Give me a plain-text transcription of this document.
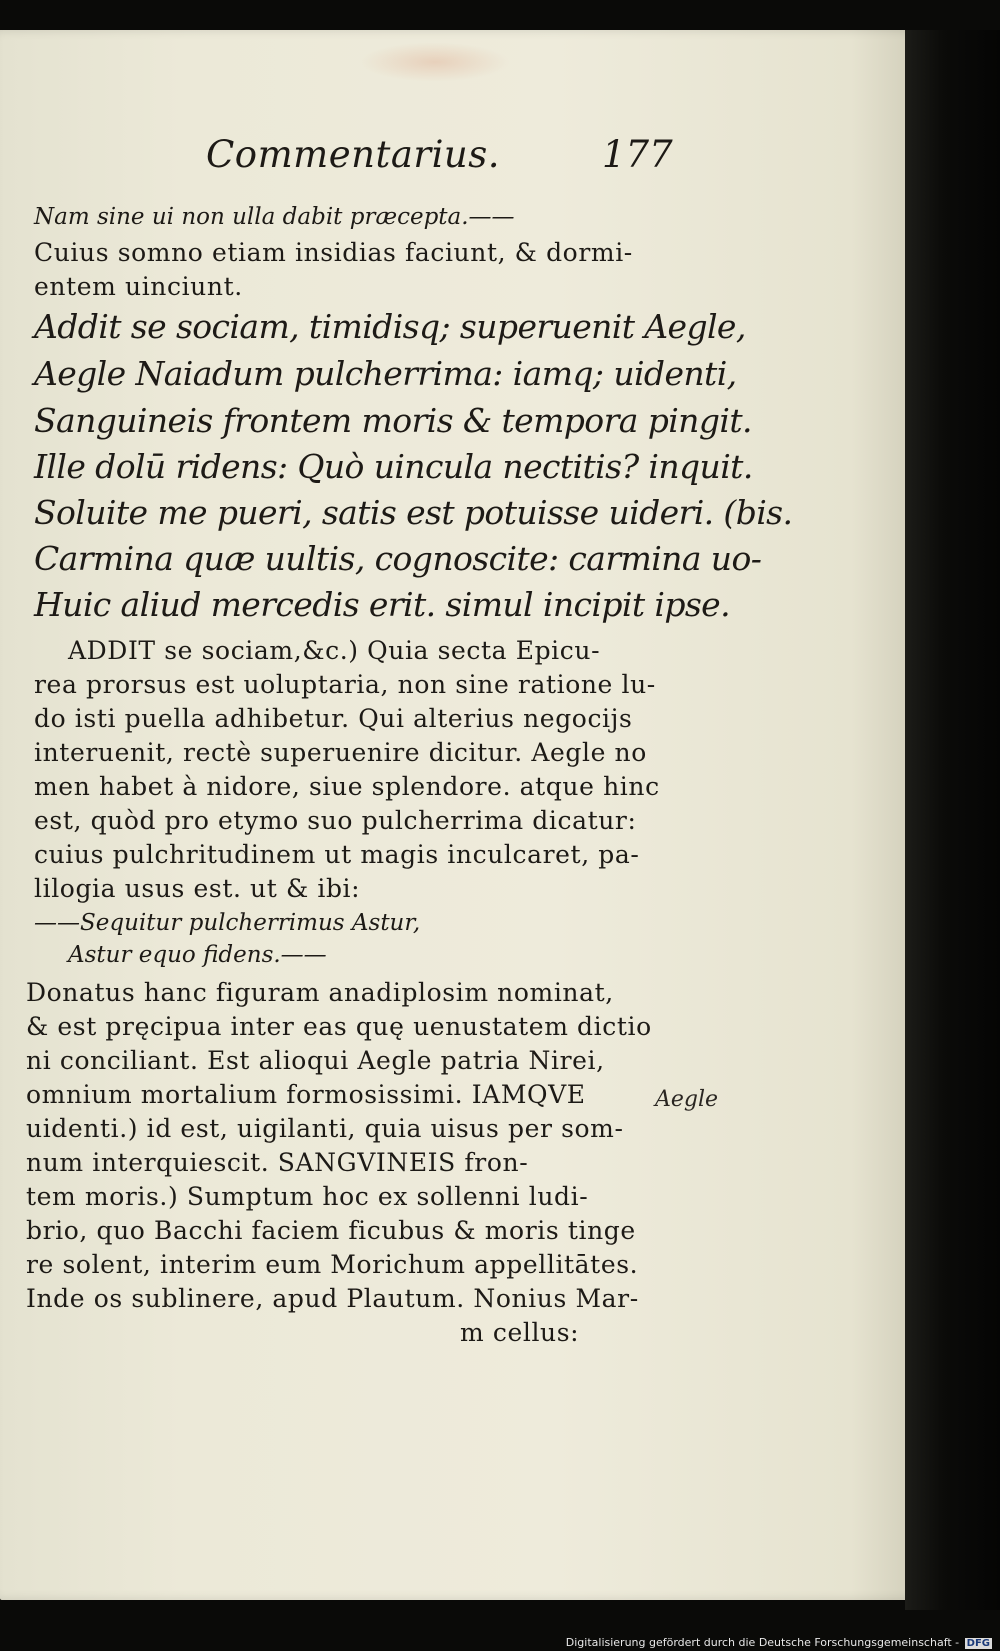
Commentarius.	177
Nam sine ui non ulla dabit præcepta.——
Cuius somno etiam insidias faciunt, & dormi-
entem uinciunt.
Addit se sociam, timidisq; superuenit Aegle,
Aegle Naiadum pulcherrima: iamq; uidenti,
Sanguineis frontem moris & tempora pingit.
Ille dolū ridens: Quò uincula nectitis? inquit.
Soluite me pueri, satis est potuisse uideri. (bis.
Carmina quæ uultis, cognoscite: carmina uo-
Huic aliud mercedis erit. simul incipit ipse.
ADDIT se sociam,&c.) Quia secta Epicu-
rea prorsus est uoluptaria, non sine ratione lu-
do isti puella adhibetur. Qui alterius negocijs
interuenit, rectè superuenire dicitur. Aegle no
men habet à nidore, siue splendore. atque hinc
est, quòd pro etymo suo pulcherrima dicatur:
cuius pulchritudinem ut magis inculcaret, pa-
lilogia usus est. ut & ibi:
——Sequitur pulcherrimus Astur,
Astur equo fidens.——
Donatus hanc figuram anadiplosim nominat,
& est pręcipua inter eas quę uenustatem dictio
ni conciliant. Est alioqui Aegle patria Nirei,
omnium mortalium formosissimi. IAMQVE
uidenti.) id est, uigilanti, quia uisus per som-
num interquiescit. SANGVINEIS fron-
tem moris.) Sumptum hoc ex sollenni ludi-
brio, quo Bacchi faciem ficubus & moris tinge
re solent, interim eum Morichum appellitātes.
Inde os sublinere, apud Plautum. Nonius Mar-
m cellus:
Aegle
Digitalisierung gefördert durch die Deutsche Forschungsgemeinschaft - DFG
